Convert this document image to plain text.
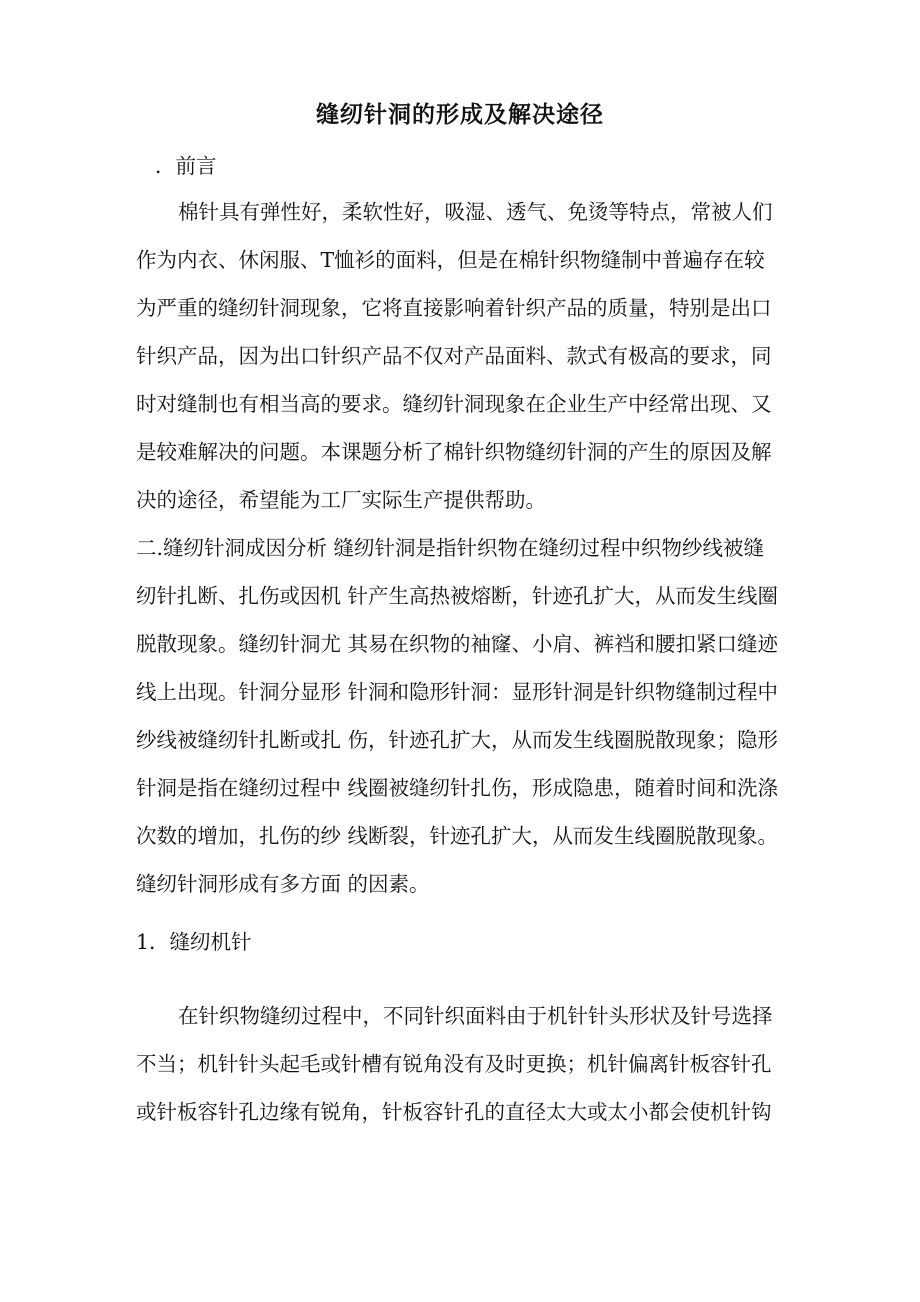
缝纫针洞的形成及解决途径
．前言
棉针具有弹性好，柔软性好，吸湿、透气、免烫等特点，常被人们
作为内衣、休闲服、T恤衫的面料，但是在棉针织物缝制中普遍存在较
为严重的缝纫针洞现象，它将直接影响着针织产品的质量，特别是出口
针织产品，因为出口针织产品不仅对产品面料、款式有极高的要求，同
时对缝制也有相当高的要求。缝纫针洞现象在企业生产中经常出现、又
是较难解决的问题。本课题分析了棉针织物缝纫针洞的产生的原因及解
决的途径，希望能为工厂实际生产提供帮助。
二.缝纫针洞成因分析 缝纫针洞是指针织物在缝纫过程中织物纱线被缝
纫针扎断、扎伤或因机 针产生高热被熔断，针迹孔扩大，从而发生线圈
脱散现象。缝纫针洞尤 其易在织物的袖窿、小肩、裤裆和腰扣紧口缝迹
线上出现。针洞分显形 针洞和隐形针洞：显形针洞是针织物缝制过程中
纱线被缝纫针扎断或扎 伤，针迹孔扩大，从而发生线圈脱散现象；隐形
针洞是指在缝纫过程中 线圈被缝纫针扎伤，形成隐患，随着时间和洗涤
次数的增加，扎伤的纱 线断裂，针迹孔扩大，从而发生线圈脱散现象。
缝纫针洞形成有多方面 的因素。
1．缝纫机针
在针织物缝纫过程中，不同针织面料由于机针针头形状及针号选择
不当；机针针头起毛或针槽有锐角没有及时更换；机针偏离针板容针孔
或针板容针孔边缘有锐角，针板容针孔的直径太大或太小都会使机针钩
